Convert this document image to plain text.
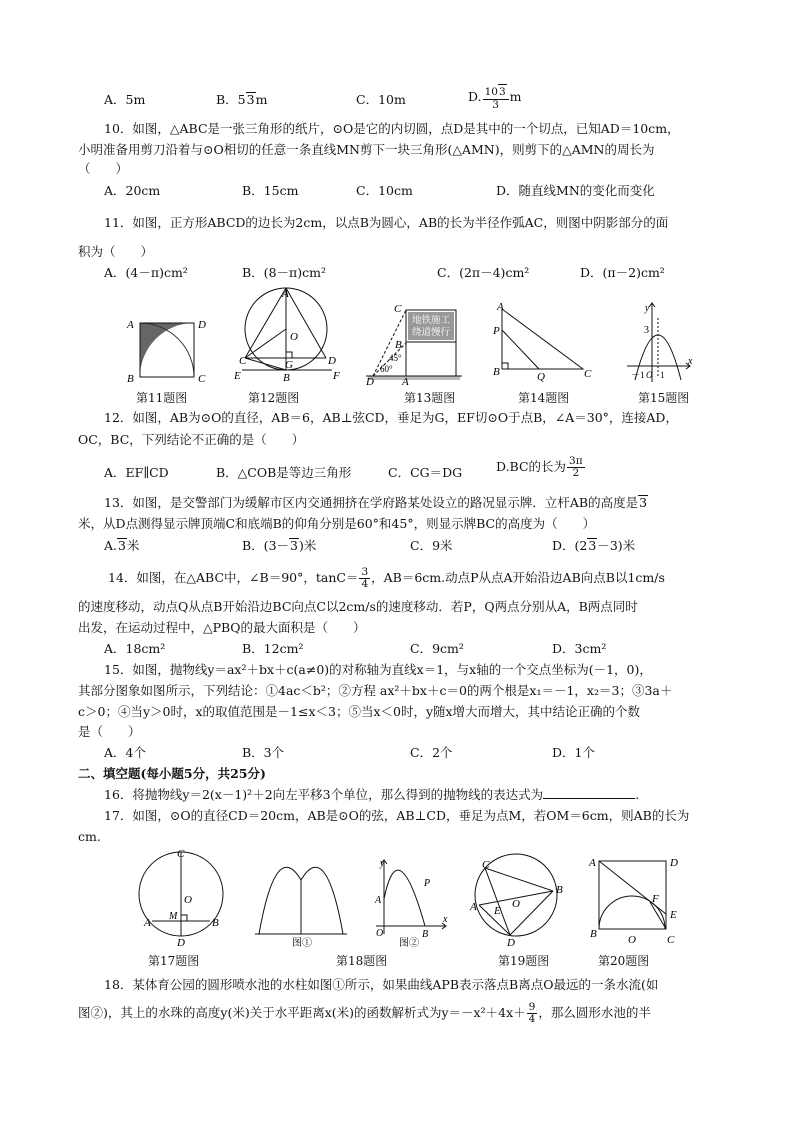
A．5m	B．53m	C．10m	D. $\frac{103}{3}$ m
10．如图，△ABC是一张三角形的纸片，⊙O是它的内切圆，点D是其中的一个切点，已知AD＝10cm，
小明准备用剪刀沿着与⊙O相切的任意一条直线MN剪下一块三角形(△AMN)，则剪下的△AMN的周长为
（　　）
A．20cm	B．15cm	C．10cm	D．随直线MN的变化而变化
11．如图，正方形ABCD的边长为2cm，以点B为圆心，AB的长为半径作弧AC，则图中阴影部分的面
积为（　　）
A．(4－π)cm²	B．(8－π)cm²	C．(2π－4)cm²	D．(π－2)cm²
A	D
B	C
A
O
C	D
G
E	B	F
地铁施工
绕道慢行
C
B
45°
60°
D	A
A
P
B	Q	C
y
3
x
－1 O 1
第11题图	第12题图	第13题图	第14题图	第15题图
12．如图，AB为⊙O的直径，AB＝6，AB⊥弦CD，垂足为G，EF切⊙O于点B，∠A＝30°，连接AD，
OC，BC，下列结论不正确的是（　　）
A．EF∥CD	B．△COB是等边三角形	C．CG＝DG	D.BC的长为 $\frac{3\pi}{2}$
13．如图，是交警部门为缓解市区内交通拥挤在学府路某处设立的路况显示牌．立杆AB的高度是3
米，从D点测得显示牌顶端C和底端B的仰角分别是60°和45°，则显示牌BC的高度为（　　）
A.3米	B．(3－3)米	C．9米	D．(23－3)米
14．如图，在△ABC中，∠B＝90°，$\tan C= \frac{3}{4}$ ，AB＝6cm.动点P从点A开始沿边AB向点B以1cm/s
的速度移动，动点Q从点B开始沿边BC向点C以2cm/s的速度移动．若P，Q两点分别从A，B两点同时
出发，在运动过程中，△PBQ的最大面积是（　　）
A．18cm²	B．12cm²	C．9cm²	D．3cm²
15．如图，抛物线y＝ax²＋bx＋c(a≠0)的对称轴为直线x＝1，与x轴的一个交点坐标为(－1，0)，
其部分图象如图所示，下列结论：①4ac＜b²；②方程 ax²＋bx＋c＝0的两个根是x₁＝－1，x₂＝3；③3a＋
c＞0；④当y＞0时，x的取值范围是－1≤x＜3；⑤当x＜0时，y随x增大而增大，其中结论正确的个数
是（　　）
A．4个	B．3个	C．2个	D．1个
二、填空题(每小题5分，共25分)
16．将抛物线y＝2(x－1)²＋2向左平移3个单位，那么得到的抛物线的表达式为	.
17．如图，⊙O的直径CD＝20cm，AB是⊙O的弦，AB⊥CD，垂足为点M，若OM＝6cm，则AB的长为
cm.
C
O
M
A	B
D	图①
y
P
A
O	B
x
图②
C
B
A E
O
D
A	D
F
E
B	O	C
第17题图	第18题图	第19题图	第20题图
18．某体育公园的圆形喷水池的水柱如图①所示，如果曲线APB表示落点B离点O最远的一条水流(如
图②)，其上的水珠的高度y(米)关于水平距离x(米)的函数解析式为$y=-x^2+4x+ \frac{9}{4}$ ，那么圆形水池的半
